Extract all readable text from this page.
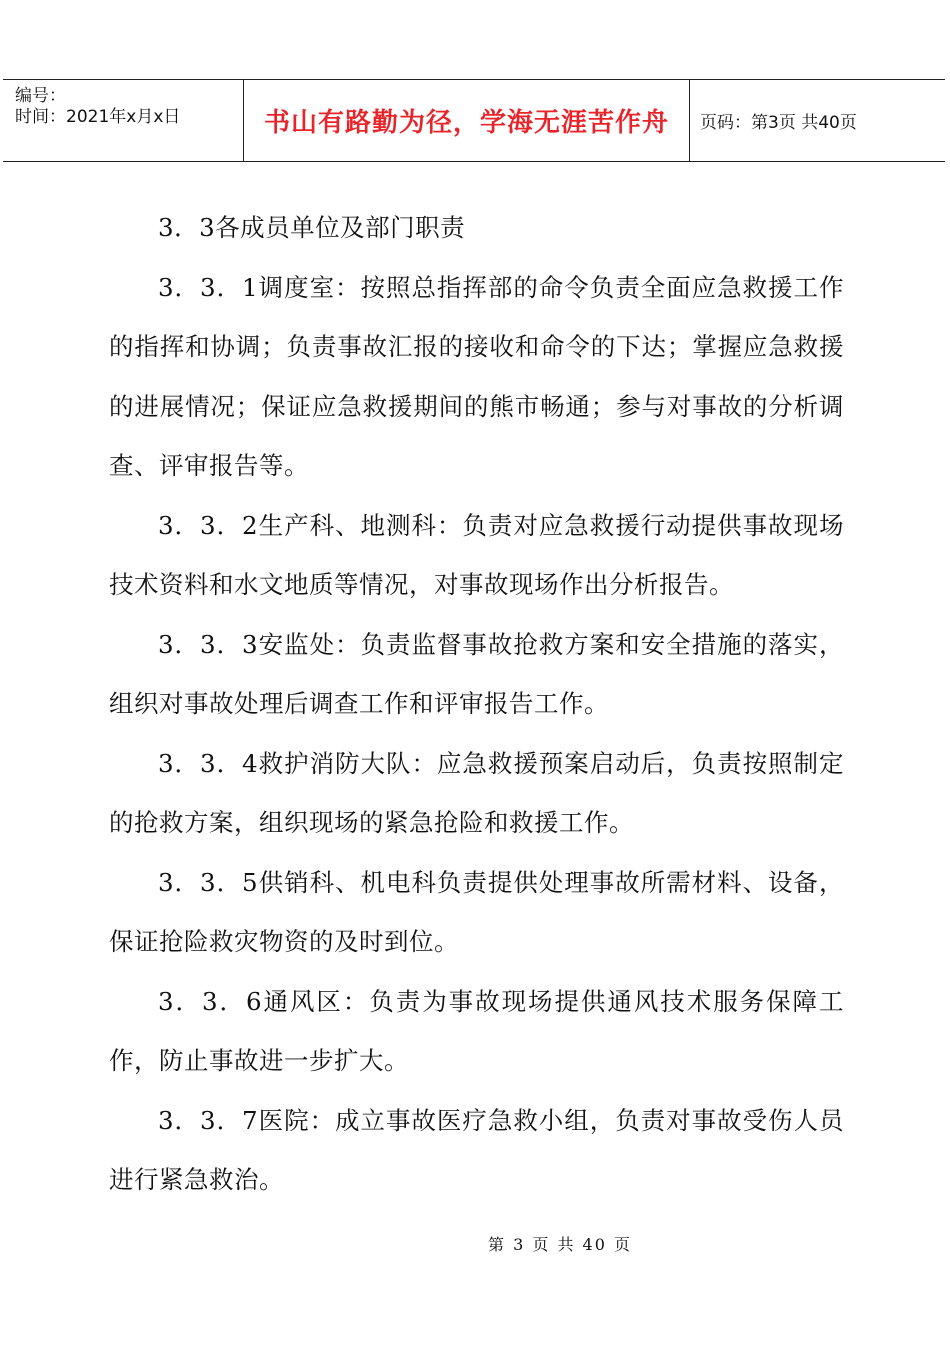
编号：
时间：2021年x月x日	书山有路勤为径，学海无涯苦作舟	页码：第3页 共40页

3．3各成员单位及部门职责

3．3．1调度室：按照总指挥部的命令负责全面应急救援工作的指挥和协调；负责事故汇报的接收和命令的下达；掌握应急救援的进展情况；保证应急救援期间的熊市畅通；参与对事故的分析调查、评审报告等。

3．3．2生产科、地测科：负责对应急救援行动提供事故现场技术资料和水文地质等情况，对事故现场作出分析报告。

3．3．3安监处：负责监督事故抢救方案和安全措施的落实，组织对事故处理后调查工作和评审报告工作。

3．3．4救护消防大队：应急救援预案启动后，负责按照制定的抢救方案，组织现场的紧急抢险和救援工作。

3．3．5供销科、机电科负责提供处理事故所需材料、设备，保证抢险救灾物资的及时到位。

3．3．6通风区：负责为事故现场提供通风技术服务保障工作，防止事故进一步扩大。

3．3．7医院：成立事故医疗急救小组，负责对事故受伤人员进行紧急救治。

第 3 页 共 40 页
